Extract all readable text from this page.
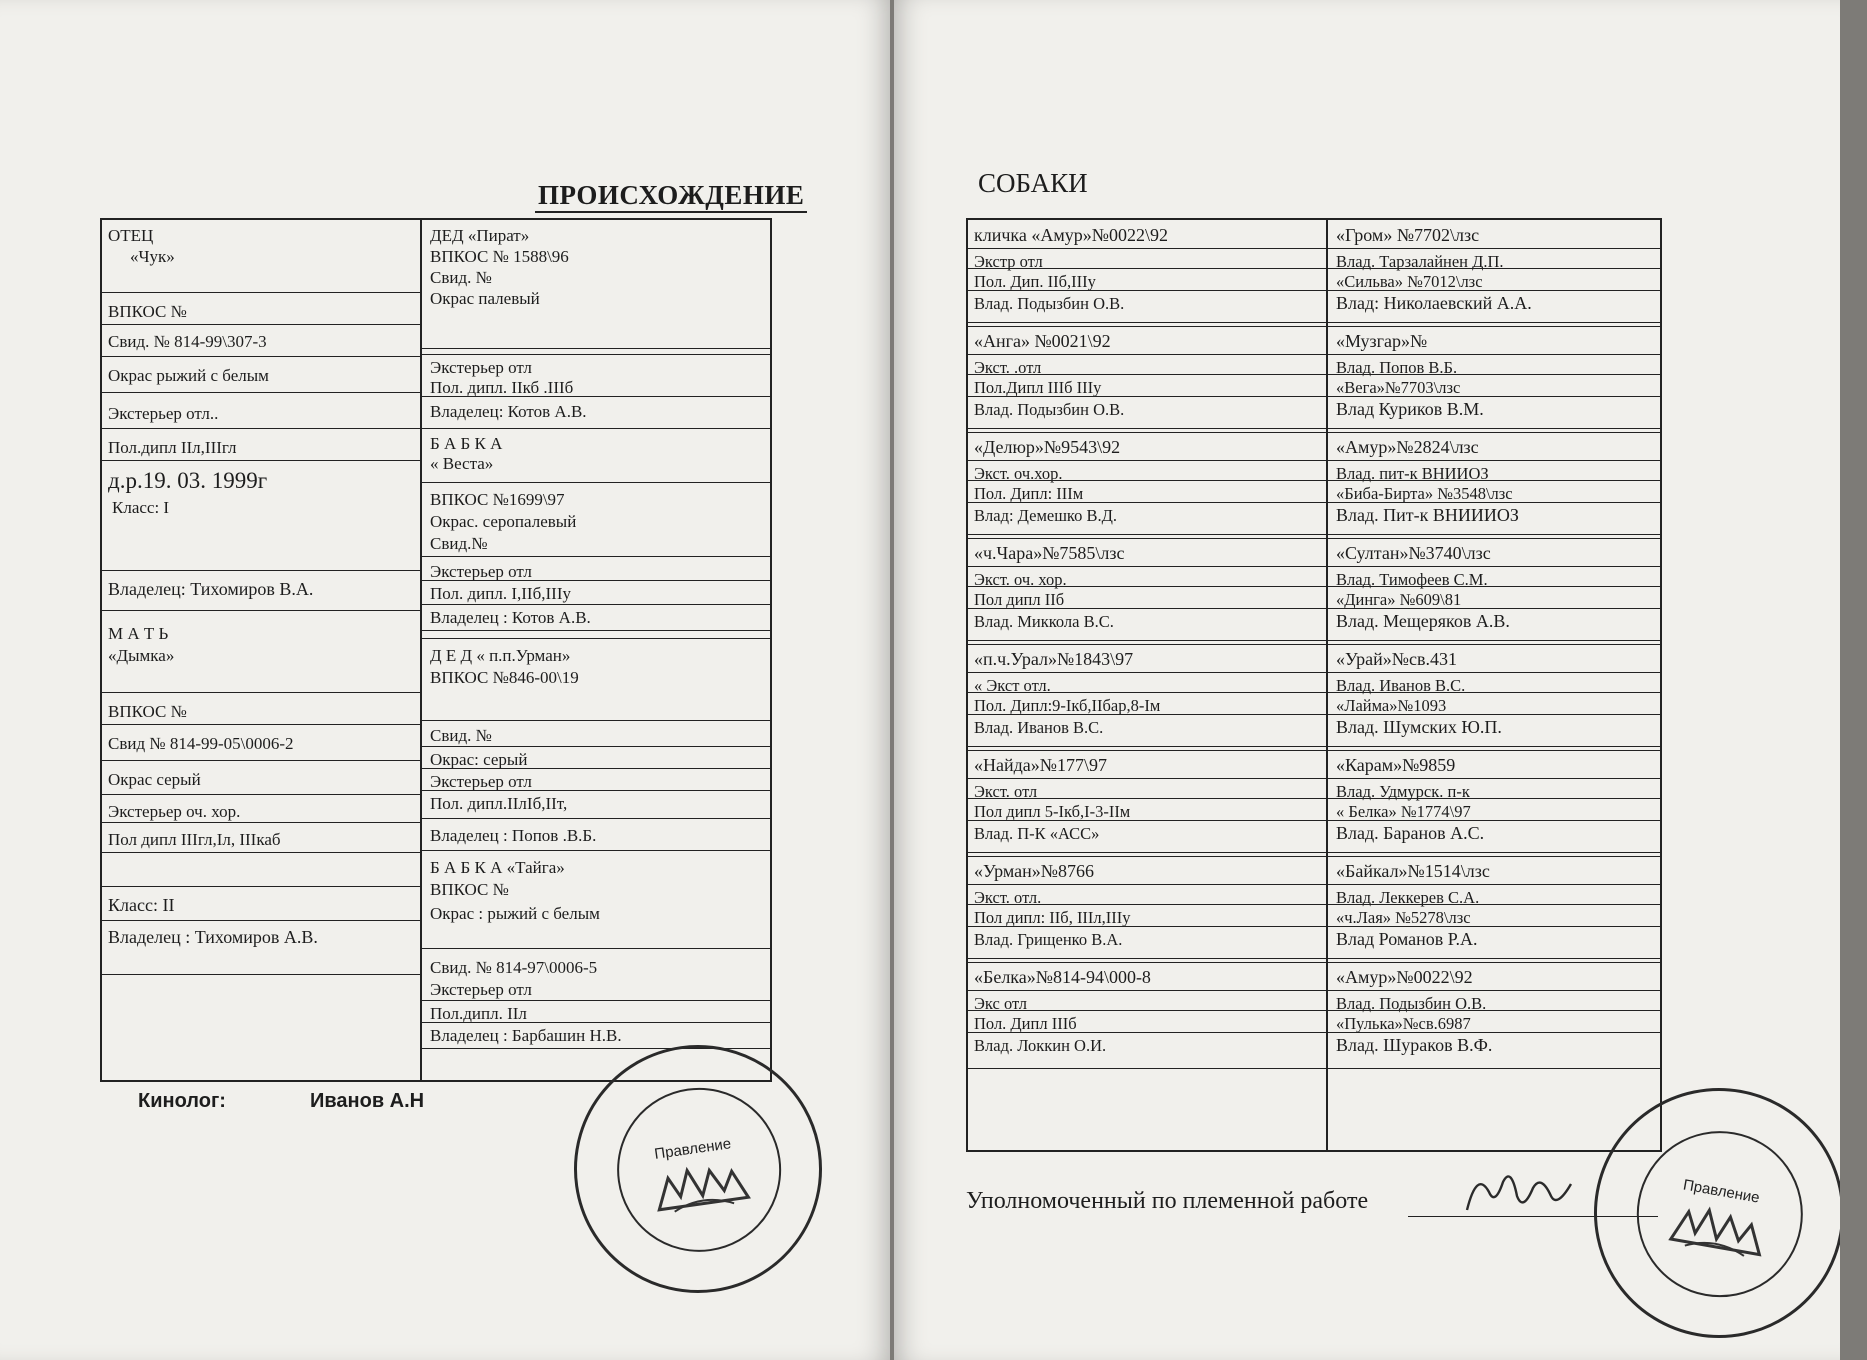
ПРОИСХОЖДЕНИЕ
ОТЕЦ
«Чук»
ВПКОС №
Свид. № 814-99\307-3
Окрас рыжий с белым
Экстерьер отл..
Пол.дипл IIл,IIIгл
д.р.19. 03. 1999г
Класс: I
Владелец: Тихомиров В.А.
М А Т Ь
«Дымка»
ВПКОС №
Свид № 814-99-05\0006-2
Окрас серый
Экстерьер оч. хор.
Пол дипл IIIгл,Iл, IIIкаб
Класс: II
Владелец : Тихомиров А.В.
ДЕД «Пират»
ВПКОС № 1588\96
Свид. №
Окрас палевый
Экстерьер отл
Пол. дипл. IIкб .IIIб
Владелец: Котов А.В.
Б А Б К А
« Веста»
ВПКОС №1699\97
Окрас. серопалевый
Свид.№
Экстерьер отл
Пол. дипл. I,IIб,IIIу
Владелец : Котов А.В.
Д Е Д « п.п.Урман»
ВПКОС №846-00\19
Свид. №
Окрас: серый
Экстерьер отл
Пол. дипл.IIлIб,IIт,
Владелец : Попов .В.Б.
Б А Б К А «Тайга»
ВПКОС №
Окрас : рыжий с белым
Свид. № 814-97\0006-5
Экстерьер отл
Пол.дипл. IIл
Владелец : Барбашин Н.В.
Кинолог:	Иванов А.Н
Правление
СОБАКИ
кличка «Амур»№0022\92	«Гром» №7702\лзс
Экстр отл	Влад. Тарзалайнен Д.П.
Пол. Дип. IIб,IIIу	«Сильва» №7012\лзс
Влад. Подызбин О.В.	Влад: Николаевский А.А.
«Анга» №0021\92	«Музгар»№
Экст. .отл	Влад. Попов В.Б.
Пол.Дипл IIIб IIIу	«Вега»№7703\лзс
Влад. Подызбин О.В.	Влад Куриков В.М.
«Делюр»№9543\92	«Амур»№2824\лзс
Экст. оч.хор.	Влад. пит-к ВНИИОЗ
Пол. Дипл: IIIм	«Биба-Бирта» №3548\лзс
Влад: Демешко В.Д.	Влад. Пит-к ВНИИИОЗ
«ч.Чара»№7585\лзс	«Султан»№3740\лзс
Экст. оч. хор.	Влад. Тимофеев С.М.
Пол дипл IIб	«Динга» №609\81
Влад. Миккола В.С.	Влад. Мещеряков А.В.
«п.ч.Урал»№1843\97	«Урай»№св.431
« Экст отл.	Влад. Иванов В.С.
Пол. Дипл:9-Iкб,IIбар,8-Iм	«Лайма»№1093
Влад. Иванов В.С.	Влад. Шумских Ю.П.
«Найда»№177\97	«Карам»№9859
Экст. отл	Влад. Удмурск. п-к
Пол дипл 5-Iкб,I-3-IIм	« Белка» №1774\97
Влад. П-К «АСС»	Влад. Баранов А.С.
«Урман»№8766	«Байкал»№1514\лзс
Экст. отл.	Влад. Леккерев С.А.
Пол дипл: IIб, IIIл,IIIу	«ч.Лая» №5278\лзс
Влад. Грищенко В.А.	Влад Романов Р.А.
«Белка»№814-94\000-8	«Амур»№0022\92
Экс отл	Влад. Подызбин О.В.
Пол. Дипл IIIб	«Пулька»№св.6987
Влад. Локкин О.И.	Влад. Шураков В.Ф.
Уполномоченный по племенной работе	Правление
